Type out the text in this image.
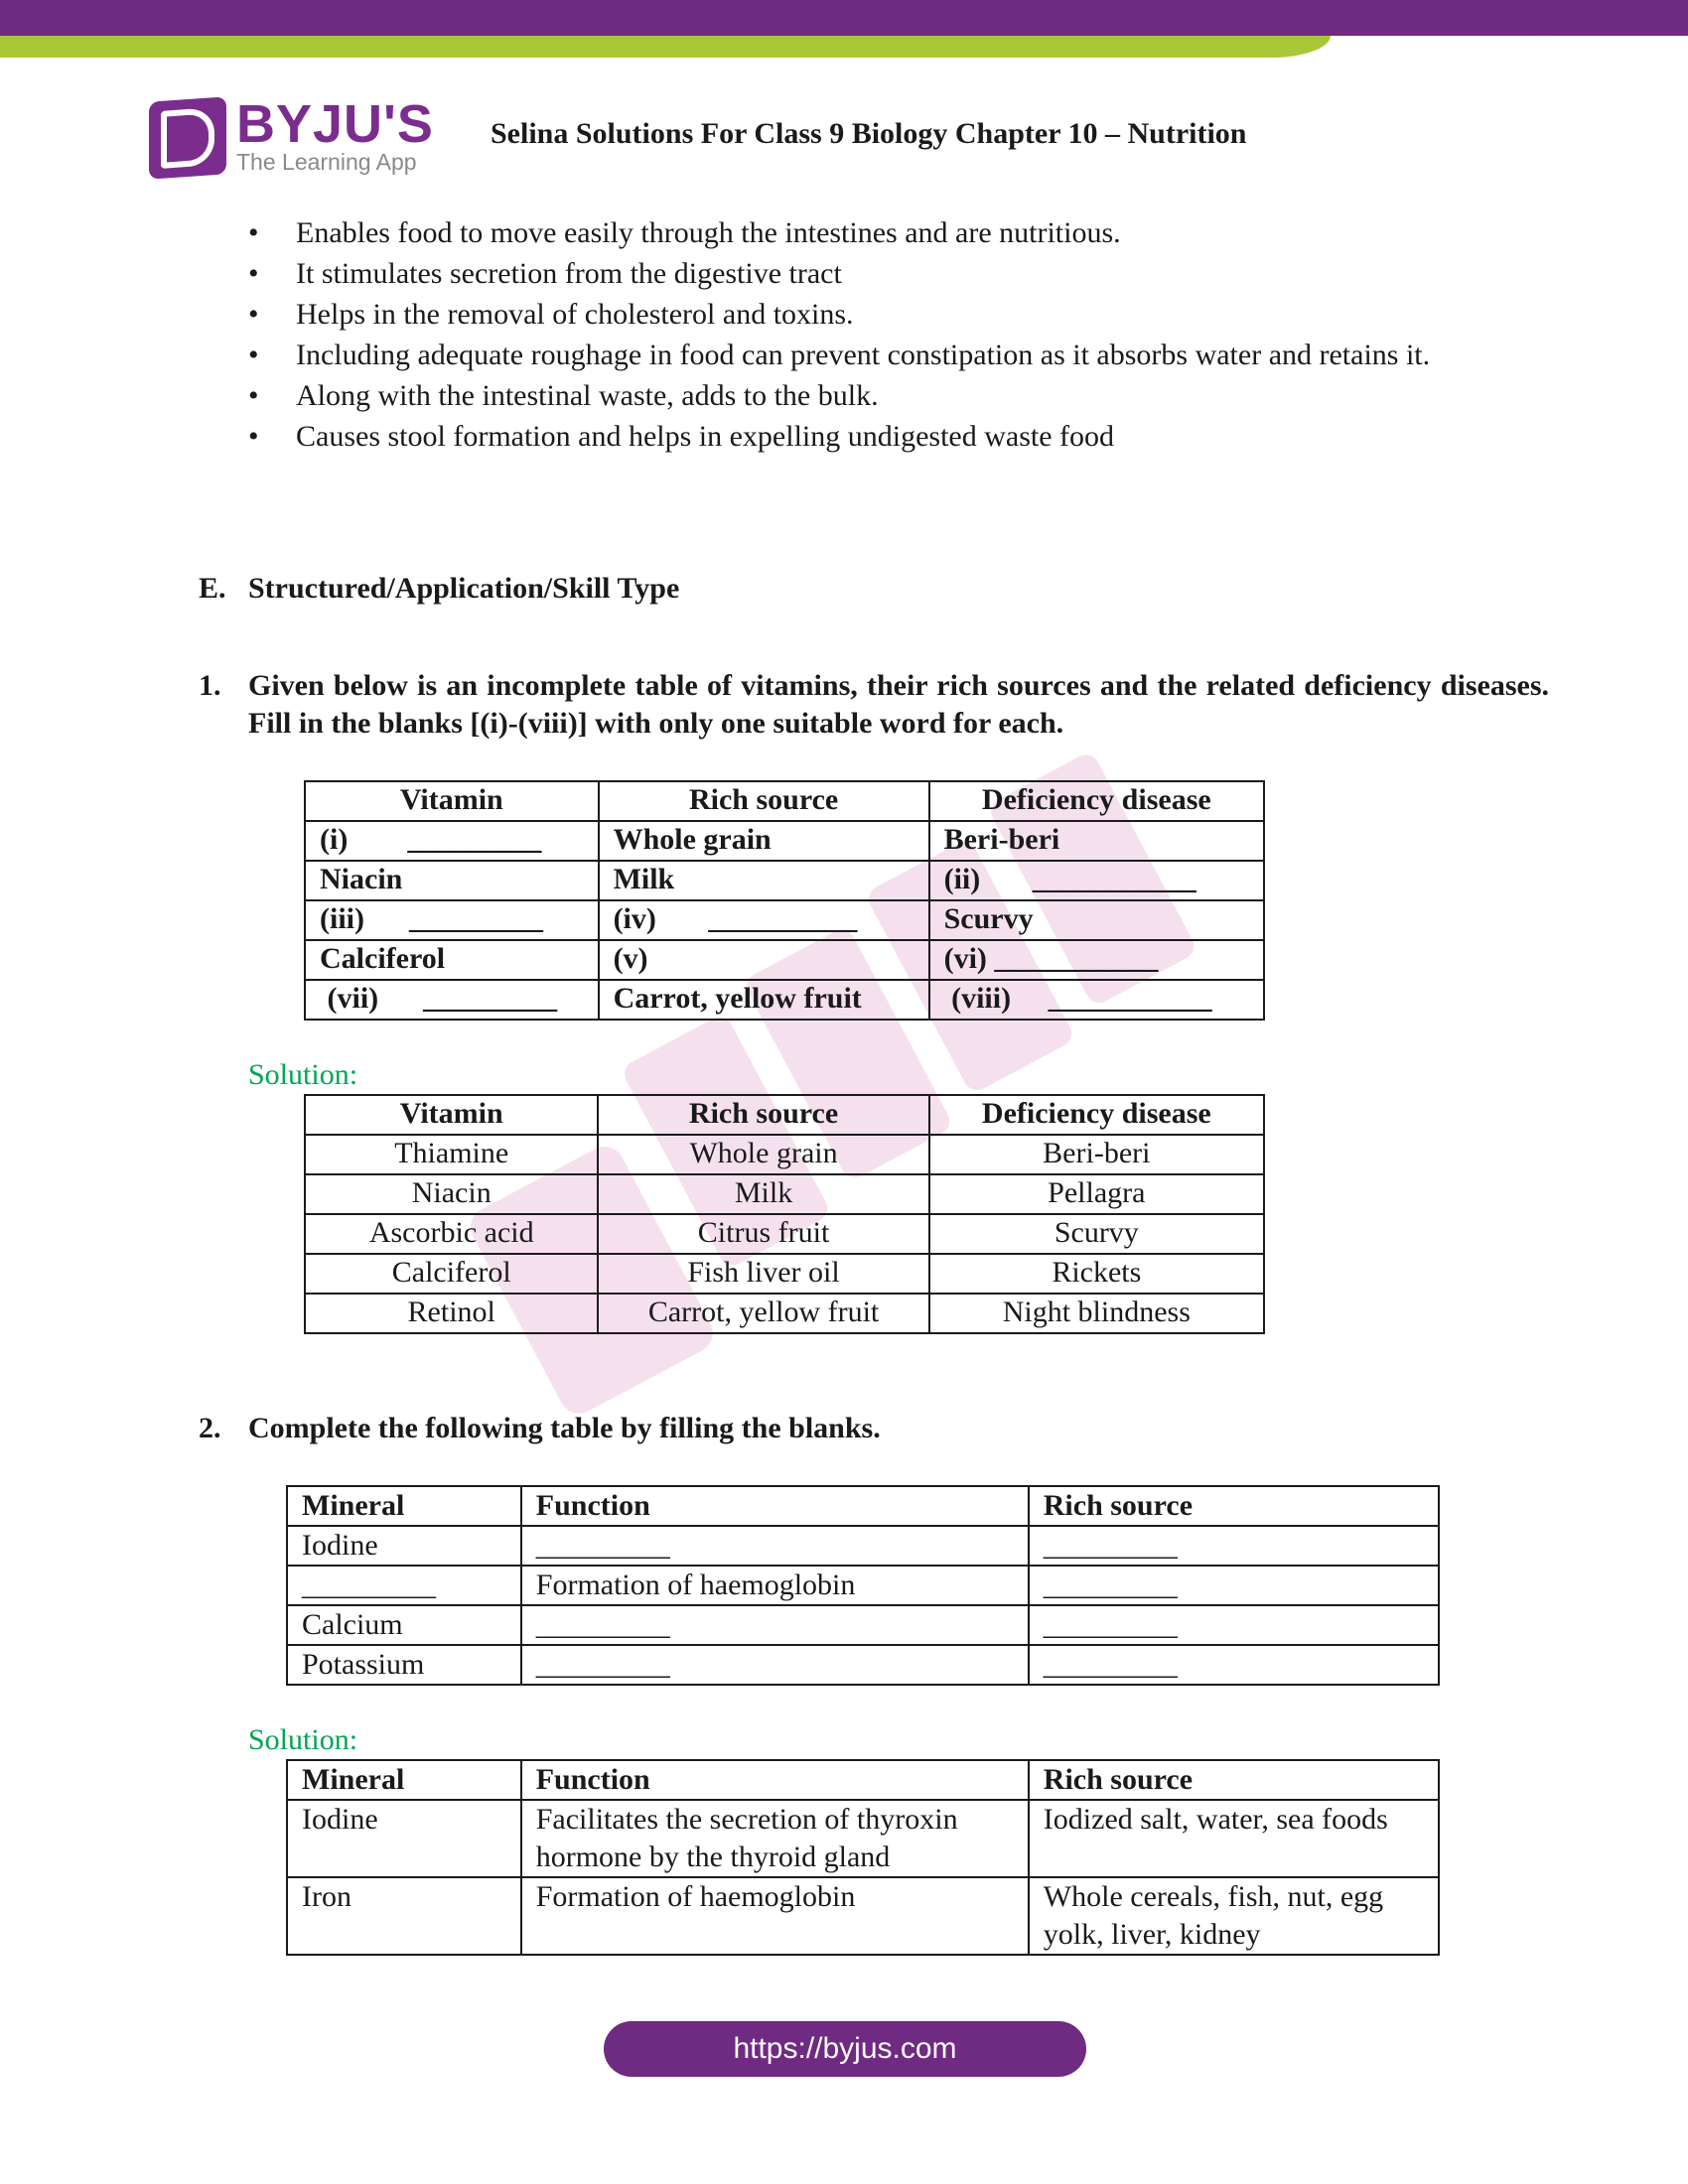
BYJU'S
The Learning App
Selina Solutions For Class 9 Biology Chapter 10 – Nutrition
• Enables food to move easily through the intestines and are nutritious.
• It stimulates secretion from the digestive tract
• Helps in the removal of cholesterol and toxins.
• Including adequate roughage in food can prevent constipation as it absorbs water and retains it.
• Along with the intestinal waste, adds to the bulk.
• Causes stool formation and helps in expelling undigested waste food
E. Structured/Application/Skill Type
1. Given below is an incomplete table of vitamins, their rich sources and the related deficiency diseases. Fill in the blanks [(i)-(viii)] with only one suitable word for each.
Vitamin	Rich source	Deficiency disease
(i)        _________	Whole grain	Beri-beri
Niacin	Milk	(ii)       ___________
(iii)      _________	(iv)       __________	Scurvy
Calciferol	(v)	(vi) ___________
(vii)      _________	Carrot, yellow fruit	(viii)     ___________
Solution:
Vitamin	Rich source	Deficiency disease
Thiamine	Whole grain	Beri-beri
Niacin	Milk	Pellagra
Ascorbic acid	Citrus fruit	Scurvy
Calciferol	Fish liver oil	Rickets
Retinol	Carrot, yellow fruit	Night blindness
2. Complete the following table by filling the blanks.
Mineral	Function	Rich source
Iodine	_________	_________
_________	Formation of haemoglobin	_________
Calcium	_________	_________
Potassium	_________	_________
Solution:
Mineral	Function	Rich source
Iodine	Facilitates the secretion of thyroxin hormone by the thyroid gland	Iodized salt, water, sea foods
Iron	Formation of haemoglobin	Whole cereals, fish, nut, egg yolk, liver, kidney
https://byjus.com
